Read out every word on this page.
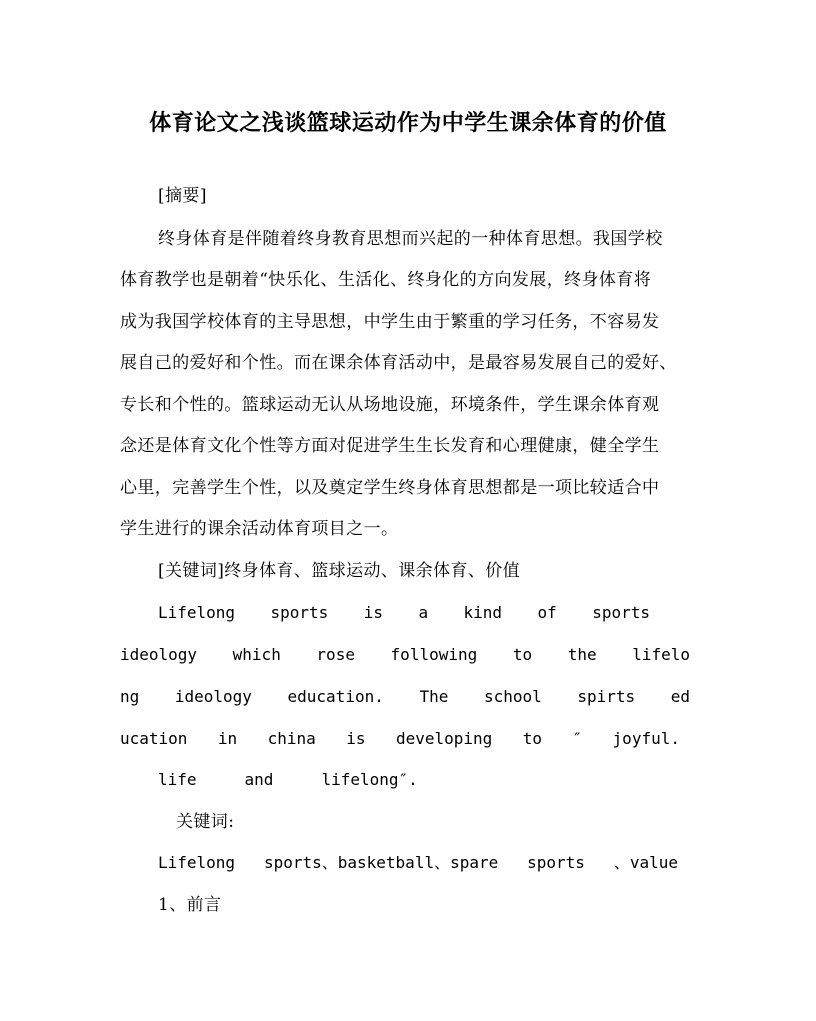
体育论文之浅谈篮球运动作为中学生课余体育的价值
[摘要]
终身体育是伴随着终身教育思想而兴起的一种体育思想。我国学校
体育教学也是朝着“快乐化、生活化、终身化的方向发展，终身体育将
成为我国学校体育的主导思想，中学生由于繁重的学习任务，不容易发
展自己的爱好和个性。而在课余体育活动中，是最容易发展自己的爱好、
专长和个性的。篮球运动无认从场地设施，环境条件，学生课余体育观
念还是体育文化个性等方面对促进学生生长发育和心理健康，健全学生
心里，完善学生个性，以及奠定学生终身体育思想都是一项比较适合中
学生进行的课余活动体育项目之一。
[关键词]终身体育、篮球运动、课余体育、价值
Lifelong sports is a kind of sports
ideology which rose following to the lifelo
ng ideology education. The school spirts ed
ucation in china is developing to ″ joyful.
life	and	lifelong″.
关键词:
Lifelong sports、basketball、spare sports 、value
1、前言
